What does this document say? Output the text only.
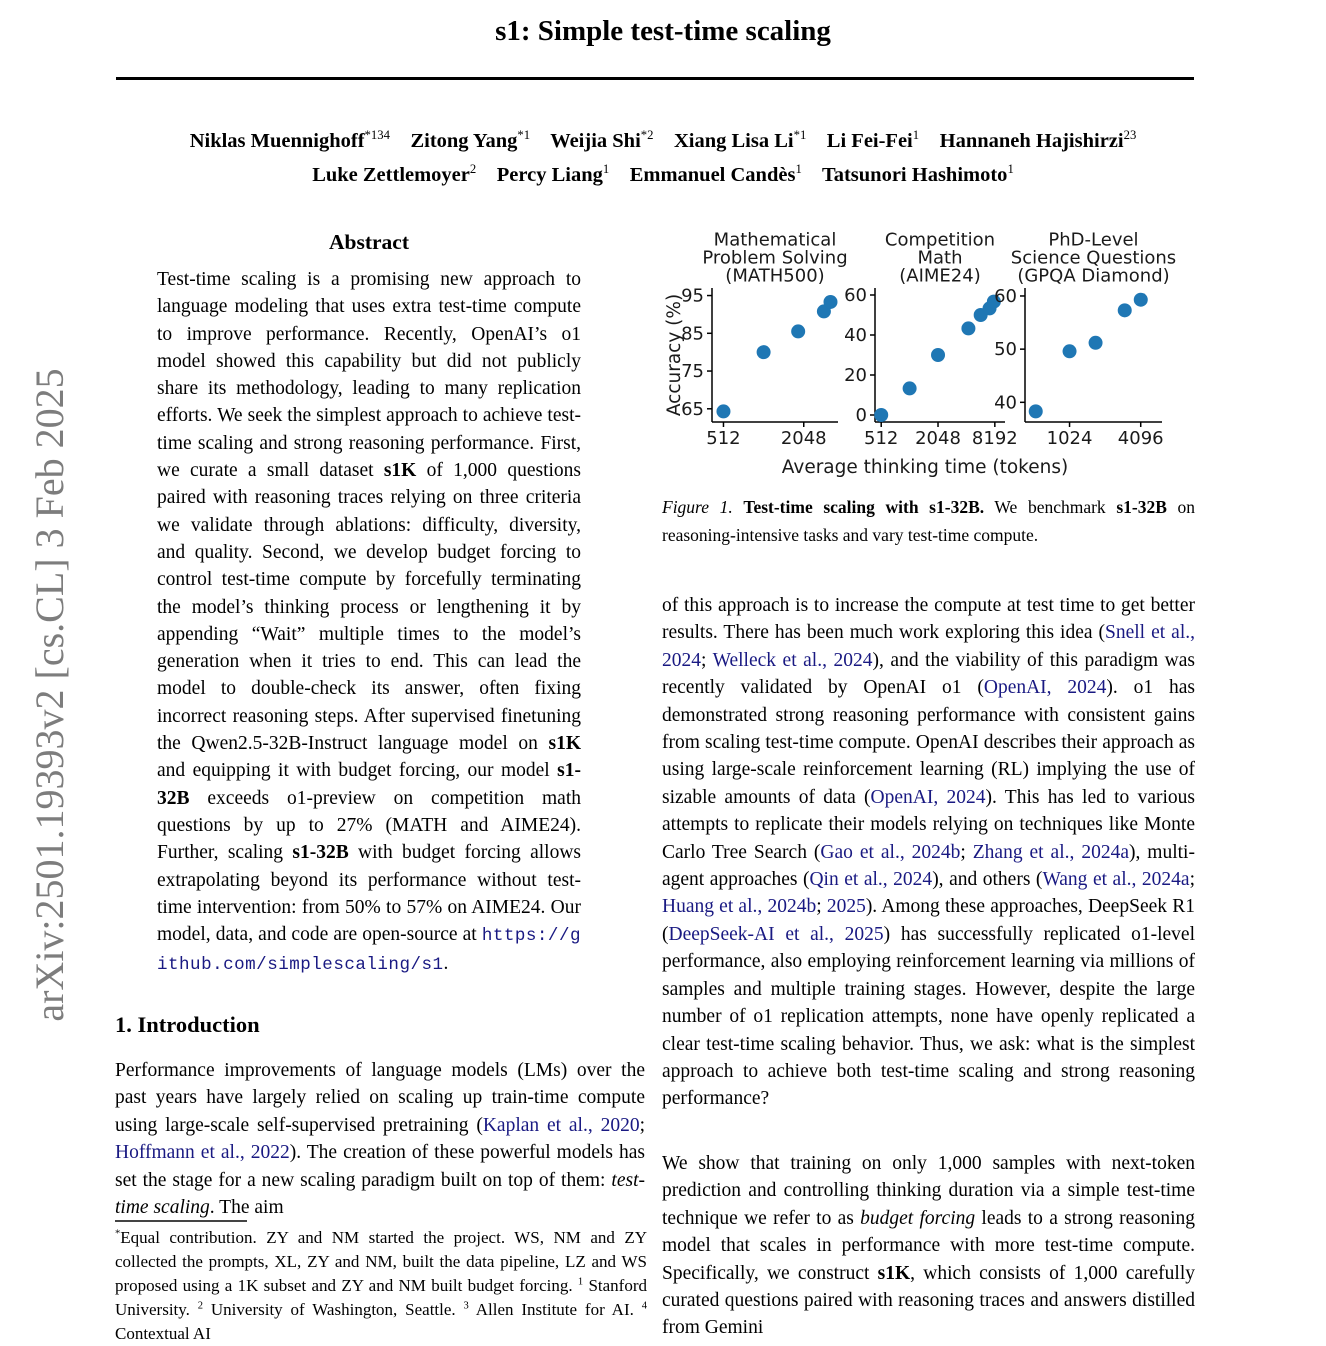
arXiv:2501.19393v2 [cs.CL] 3 Feb 2025
s1: Simple test-time scaling
Niklas Muennighoff$^{*134}$ Zitong Yang$^{*1}$ Weijia Shi$^{*2}$ Xiang Lisa Li$^{*1}$ Li Fei-Fei$^1$ Hannaneh Hajishirzi$^{23}$
Luke Zettlemoyer$^2$ Percy Liang$^1$ Emmanuel Candès$^1$ Tatsunori Hashimoto$^1$
Abstract
Test-time scaling is a promising new approach to language modeling that uses extra test-time compute to improve performance. Recently, OpenAI’s o1 model showed this capability but did not publicly share its methodology, leading to many replication efforts. We seek the simplest approach to achieve test-time scaling and strong reasoning performance. First, we curate a small dataset s1K of 1,000 questions paired with reasoning traces relying on three criteria we validate through ablations: difficulty, diversity, and quality. Second, we develop budget forcing to control test-time compute by forcefully terminating the model’s thinking process or lengthening it by appending “Wait” multiple times to the model’s generation when it tries to end. This can lead the model to double-check its answer, often fixing incorrect reasoning steps. After supervised finetuning the Qwen2.5-32B-Instruct language model on s1K and equipping it with budget forcing, our model s1-32B exceeds o1-preview on competition math questions by up to 27% (MATH and AIME24). Further, scaling s1-32B with budget forcing allows extrapolating beyond its performance without test-time intervention: from 50% to 57% on AIME24. Our model, data, and code are open-source at https://github.com/simplescaling/s1.
Mathematical
Problem Solving
(MATH500)
512 2048
65
75
85
95
Competition
Math
(AIME24)
512 2048 8192
0
20
40
60
PhD-Level
Science Questions
(GPQA Diamond)
1024 4096
40
50
60
Accuracy (%)
Average thinking time (tokens)
Figure 1. Test-time scaling with s1-32B. We benchmark s1-32B on reasoning-intensive tasks and vary test-time compute.
of this approach is to increase the compute at test time to get better results. There has been much work exploring this idea (Snell et al., 2024; Welleck et al., 2024), and the viability of this paradigm was recently validated by OpenAI o1 (OpenAI, 2024). o1 has demonstrated strong reasoning performance with consistent gains from scaling test-time compute. OpenAI describes their approach as using large-scale reinforcement learning (RL) implying the use of sizable amounts of data (OpenAI, 2024). This has led to various attempts to replicate their models relying on techniques like Monte Carlo Tree Search (Gao et al., 2024b; Zhang et al., 2024a), multi-agent approaches (Qin et al., 2024), and others (Wang et al., 2024a; Huang et al., 2024b; 2025). Among these approaches, DeepSeek R1 (DeepSeek-AI et al., 2025) has successfully replicated o1-level performance, also employing reinforcement learning via millions of samples and multiple training stages. However, despite the large number of o1 replication attempts, none have openly replicated a clear test-time scaling behavior. Thus, we ask: what is the simplest approach to achieve both test-time scaling and strong reasoning performance?
We show that training on only 1,000 samples with next-token prediction and controlling thinking duration via a simple test-time technique we refer to as budget forcing leads to a strong reasoning model that scales in performance with more test-time compute. Specifically, we construct s1K, which consists of 1,000 carefully curated questions paired with reasoning traces and answers distilled from Gemini
1. Introduction
Performance improvements of language models (LMs) over the past years have largely relied on scaling up train-time compute using large-scale self-supervised pretraining (Kaplan et al., 2020; Hoffmann et al., 2022). The creation of these powerful models has set the stage for a new scaling paradigm built on top of them: test-time scaling. The aim
*Equal contribution. ZY and NM started the project. WS, NM and ZY collected the prompts, XL, ZY and NM, built the data pipeline, LZ and WS proposed using a 1K subset and ZY and NM built budget forcing. $^1$ Stanford University. $^2$ University of Washington, Seattle. $^3$ Allen Institute for AI. $^4$ Contextual AI
